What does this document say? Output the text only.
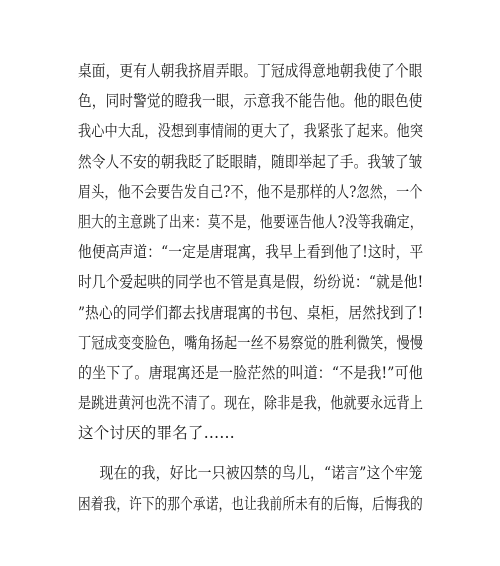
桌面，更有人朝我挤眉弄眼。丁冠成得意地朝我使了个眼
色，同时警觉的瞪我一眼，示意我不能告他。他的眼色使
我心中大乱，没想到事情闹的更大了，我紧张了起来。他突
然令人不安的朝我眨了眨眼睛，随即举起了手。我皱了皱
眉头，他不会要告发自己?不，他不是那样的人?忽然，一个
胆大的主意跳了出来：莫不是，他要诬告他人?没等我确定，
他便高声道：“一定是唐琨寓，我早上看到他了!这时，平
时几个爱起哄的同学也不管是真是假，纷纷说：“就是他!
”热心的同学们都去找唐琨寓的书包、桌柜，居然找到了!
丁冠成变变脸色，嘴角扬起一丝不易察觉的胜利微笑，慢慢
的坐下了。唐琨寓还是一脸茫然的叫道：“不是我!”可他
是跳进黄河也洗不清了。现在，除非是我，他就要永远背上
这个讨厌的罪名了……
现在的我，好比一只被囚禁的鸟儿，“诺言”这个牢笼
困着我，许下的那个承诺，也让我前所未有的后悔，后悔我的
